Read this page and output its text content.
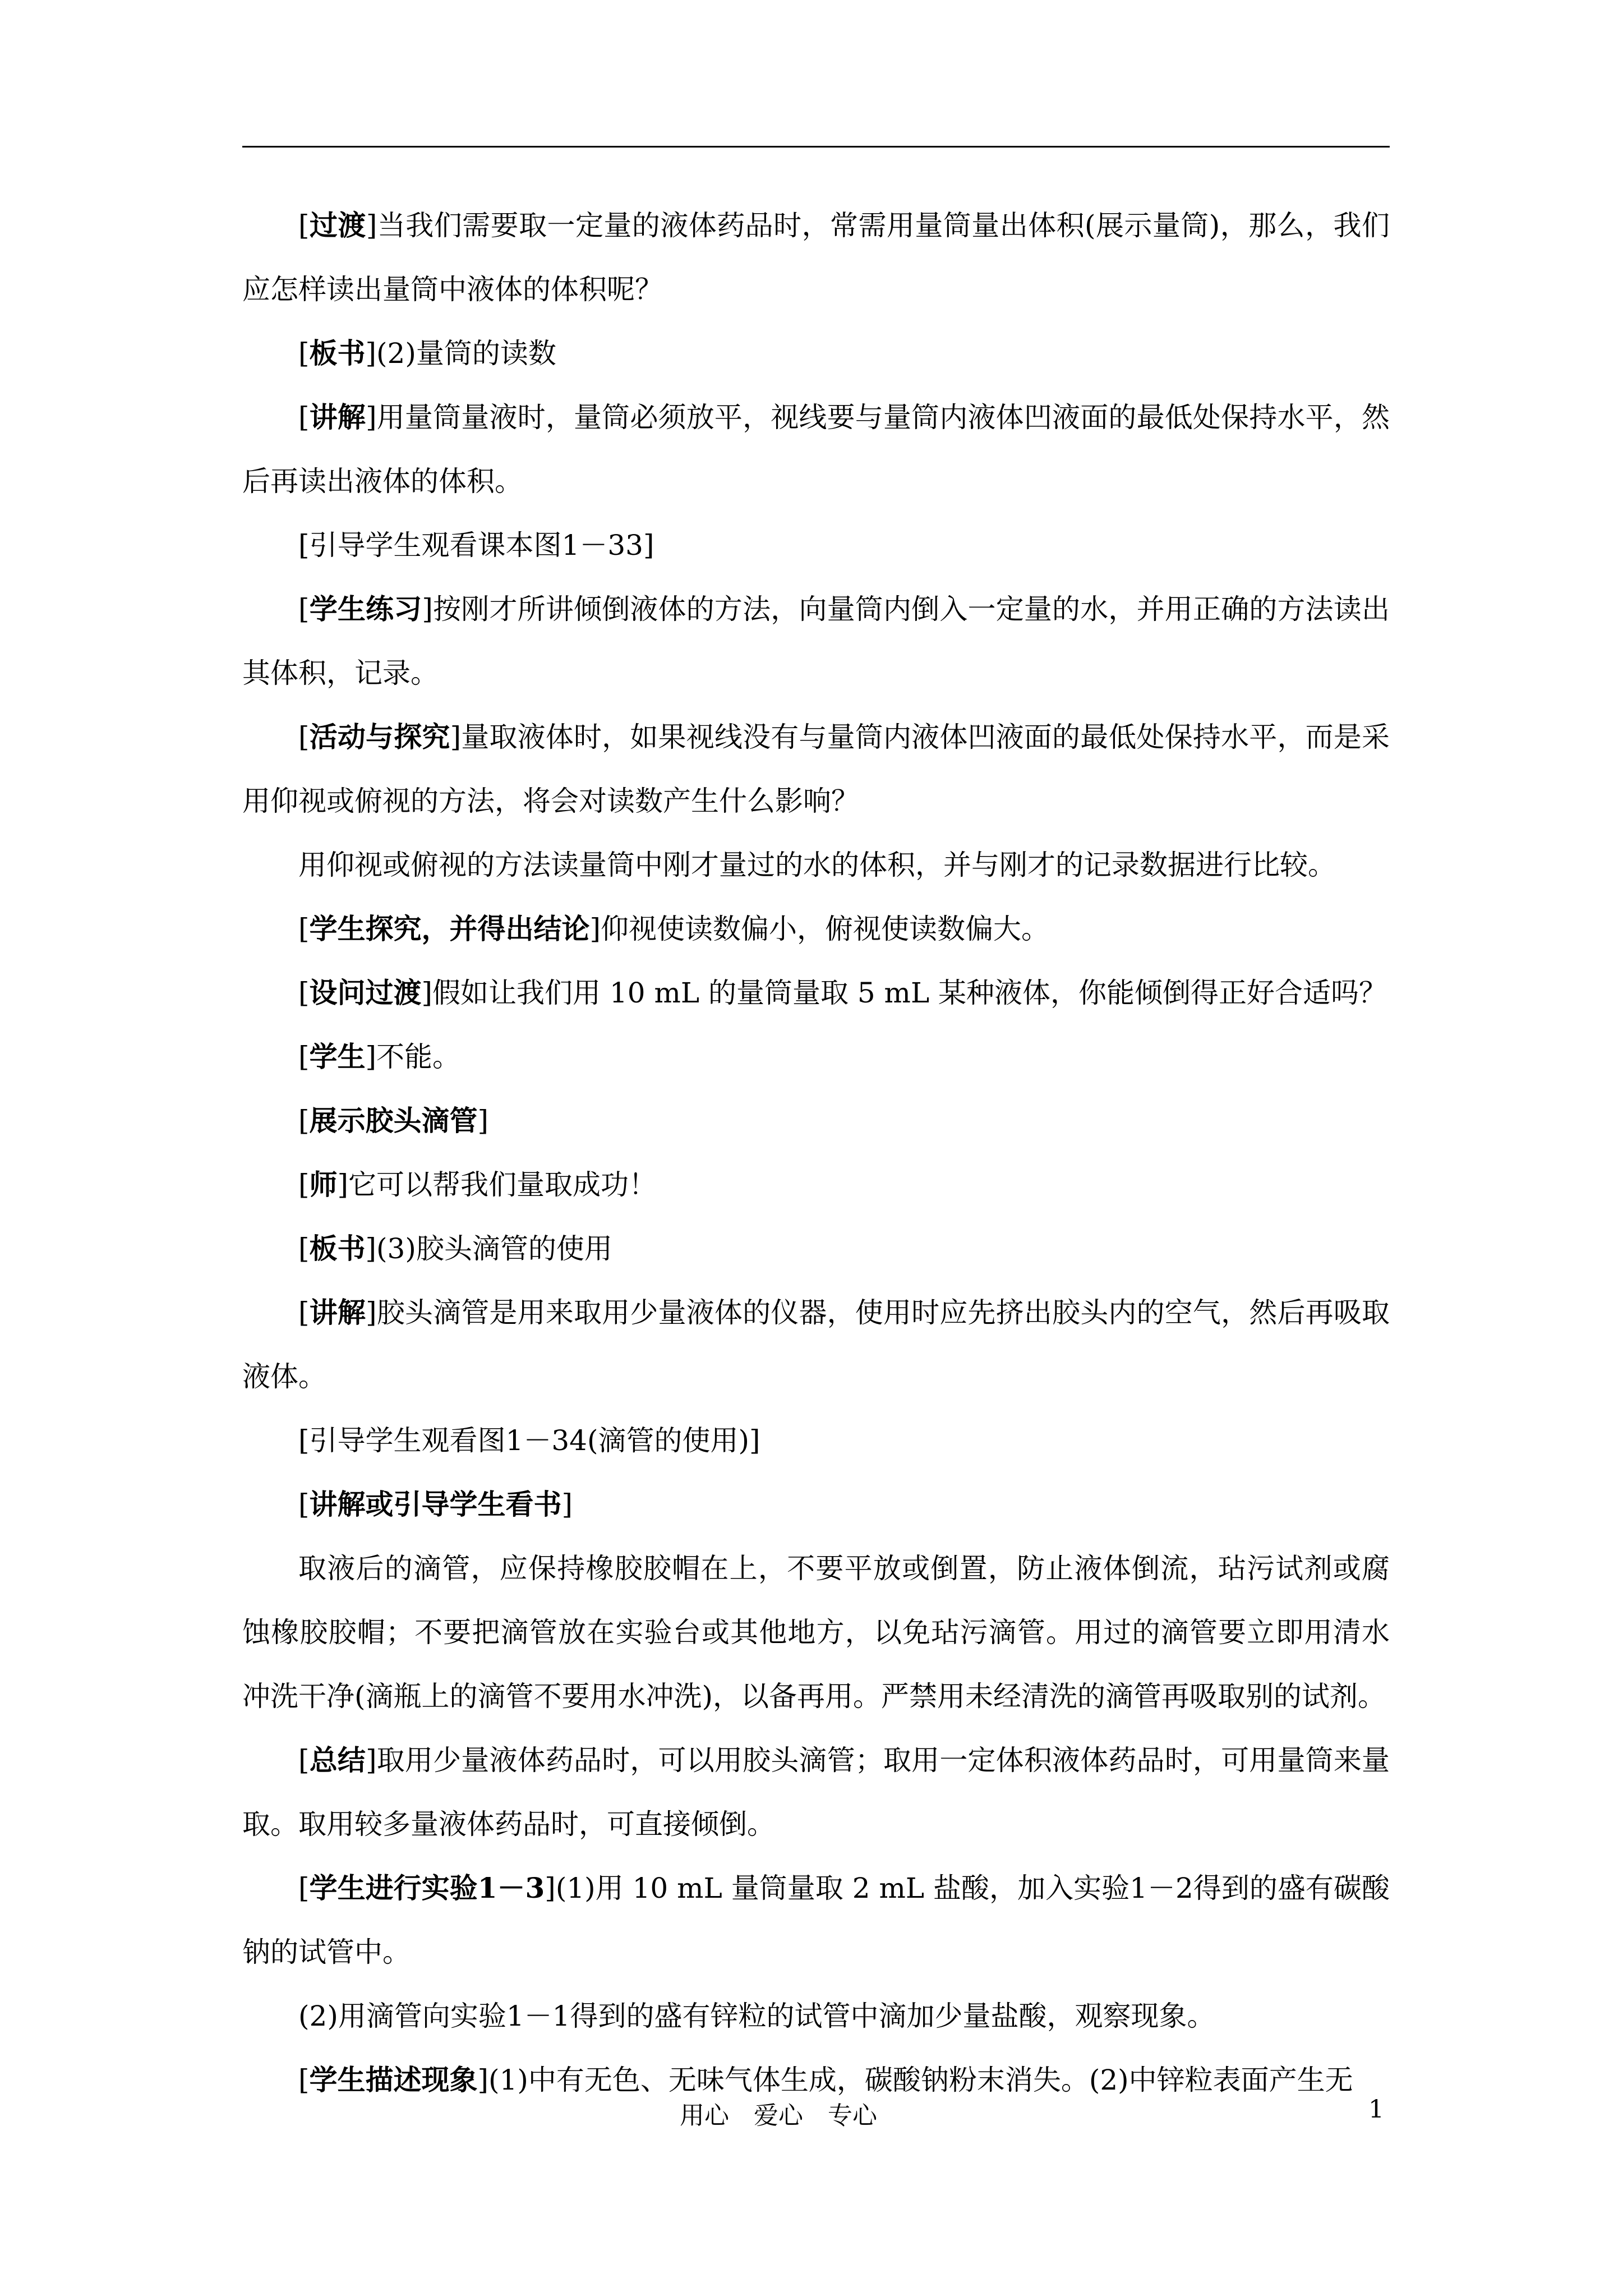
[ 过渡 ] 当我们需要取一定量的液体药品时，常需用量筒量出体积(展示量筒)，那么，我们应怎样读出量筒中液体的体积呢？

[ 板书 ] (2)量筒的读数

[ 讲解 ] 用量筒量液时，量筒必须放平，视线要与量筒内液体凹液面的最低处保持水平，然后再读出液体的体积。

[引导学生观看课本图1－33]

[ 学生练习 ] 按刚才所讲倾倒液体的方法，向量筒内倒入一定量的水，并用正确的方法读出其体积，记录。

[ 活动与探究 ] 量取液体时，如果视线没有与量筒内液体凹液面的最低处保持水平，而是采用仰视或俯视的方法，将会对读数产生什么影响？

用仰视或俯视的方法读量筒中刚才量过的水的体积，并与刚才的记录数据进行比较。

[ 学生探究，并得出结论 ] 仰视使读数偏小，俯视使读数偏大。

[ 设问过渡 ] 假如让我们用 10 mL 的量筒量取 5 mL 某种液体，你能倾倒得正好合适吗？

[ 学生 ] 不能。

[ 展示胶头滴管 ]

[ 师 ] 它可以帮我们量取成功！

[ 板书 ] (3)胶头滴管的使用

[ 讲解 ] 胶头滴管是用来取用少量液体的仪器，使用时应先挤出胶头内的空气，然后再吸取液体。

[引导学生观看图1－34(滴管的使用)]

[ 讲解或引导学生看书 ]

取液后的滴管，应保持橡胶胶帽在上，不要平放或倒置，防止液体倒流，玷污试剂或腐蚀橡胶胶帽；不要把滴管放在实验台或其他地方，以免玷污滴管。用过的滴管要立即用清水冲洗干净(滴瓶上的滴管不要用水冲洗)，以备再用。严禁用未经清洗的滴管再吸取别的试剂。

[ 总结 ] 取用少量液体药品时，可以用胶头滴管；取用一定体积液体药品时，可用量筒来量取。取用较多量液体药品时，可直接倾倒。

[ 学生进行实验1－3 ] (1)用 10 mL 量筒量取 2 mL 盐酸，加入实验1－2得到的盛有碳酸钠的试管中。

(2)用滴管向实验1－1得到的盛有锌粒的试管中滴加少量盐酸，观察现象。

[ 学生描述现象 ] (1)中有无色、无味气体生成，碳酸钠粉末消失。(2)中锌粒表面产生无

用心　爱心　专心	1
